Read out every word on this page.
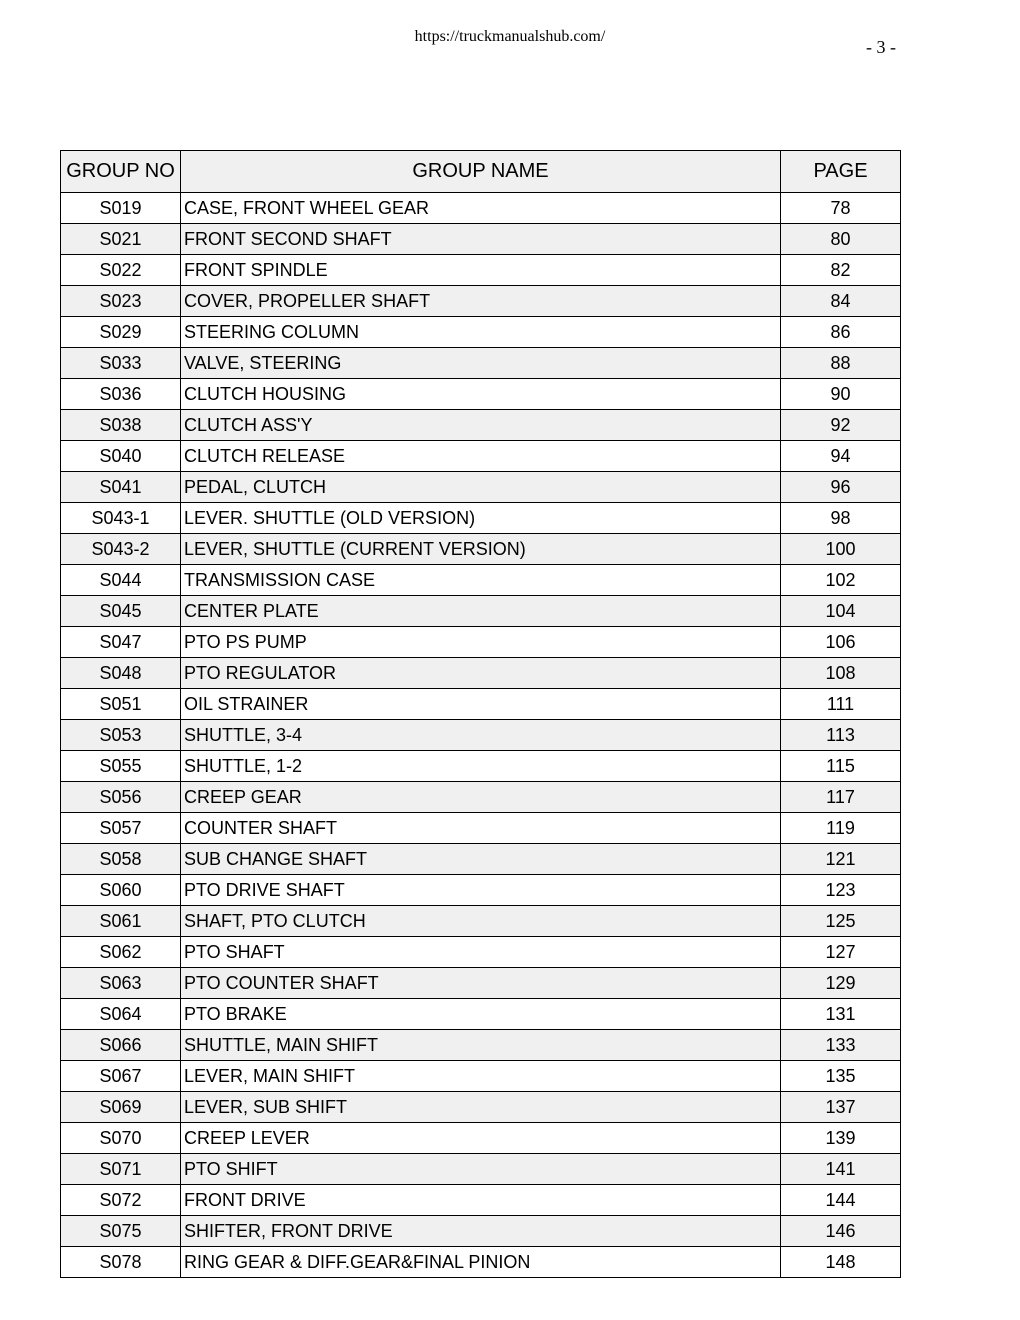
https://truckmanualshub.com/
- 3 -
GROUP NO	GROUP NAME	PAGE
S019	CASE, FRONT WHEEL GEAR	78
S021	FRONT SECOND SHAFT	80
S022	FRONT SPINDLE	82
S023	COVER, PROPELLER SHAFT	84
S029	STEERING COLUMN	86
S033	VALVE, STEERING	88
S036	CLUTCH HOUSING	90
S038	CLUTCH ASS'Y	92
S040	CLUTCH RELEASE	94
S041	PEDAL, CLUTCH	96
S043-1	LEVER. SHUTTLE (OLD VERSION)	98
S043-2	LEVER, SHUTTLE (CURRENT VERSION)	100
S044	TRANSMISSION CASE	102
S045	CENTER PLATE	104
S047	PTO PS PUMP	106
S048	PTO REGULATOR	108
S051	OIL STRAINER	111
S053	SHUTTLE, 3-4	113
S055	SHUTTLE, 1-2	115
S056	CREEP GEAR	117
S057	COUNTER SHAFT	119
S058	SUB CHANGE SHAFT	121
S060	PTO DRIVE SHAFT	123
S061	SHAFT, PTO CLUTCH	125
S062	PTO SHAFT	127
S063	PTO COUNTER SHAFT	129
S064	PTO BRAKE	131
S066	SHUTTLE, MAIN SHIFT	133
S067	LEVER, MAIN SHIFT	135
S069	LEVER, SUB SHIFT	137
S070	CREEP LEVER	139
S071	PTO SHIFT	141
S072	FRONT DRIVE	144
S075	SHIFTER, FRONT DRIVE	146
S078	RING GEAR & DIFF.GEAR&FINAL PINION	148
